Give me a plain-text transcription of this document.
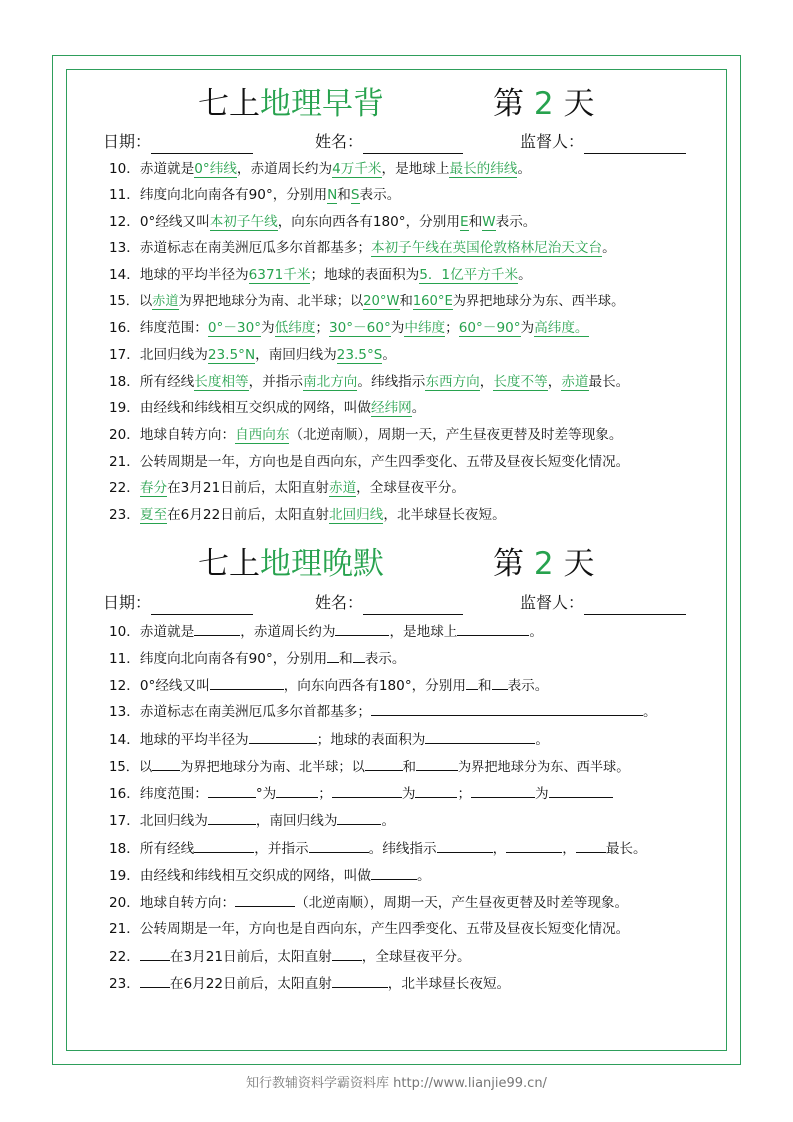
七上地理早背	第 2 天
日期：	姓名：	监督人：
10．赤道就是0°纬线，赤道周长约为4万千米，是地球上最长的纬线。
11．纬度向北向南各有90°，分别用N和S表示。
12．0°经线又叫本初子午线，向东向西各有180°，分别用E和W表示。
13．赤道标志在南美洲厄瓜多尔首都基多；本初子午线在英国伦敦格林尼治天文台。
14．地球的平均半径为6371千米；地球的表面积为5．1亿平方千米。
15．以赤道为界把地球分为南、北半球；以20°W和160°E为界把地球分为东、西半球。
16．纬度范围：0°－30°为低纬度；30°－60°为中纬度；60°－90°为高纬度。
17．北回归线为23.5°N，南回归线为23.5°S。
18．所有经线长度相等，并指示南北方向。纬线指示东西方向，长度不等，赤道最长。
19．由经线和纬线相互交织成的网络，叫做经纬网。
20．地球自转方向：自西向东（北逆南顺），周期一天，产生昼夜更替及时差等现象。
21．公转周期是一年，方向也是自西向东，产生四季变化、五带及昼夜长短变化情况。
22．春分在3月21日前后，太阳直射赤道，全球昼夜平分。
23．夏至在6月22日前后，太阳直射北回归线，北半球昼长夜短。
七上地理晚默	第 2 天
日期：	姓名：	监督人：
10．赤道就是	，赤道周长约为	，是地球上	。
11．纬度向北向南各有90°，分别用 和 表示。
12．0°经线又叫	，向东向西各有180°，分别用 和 表示。
13．赤道标志在南美洲厄瓜多尔首都基多；	。
14．地球的平均半径为	；地球的表面积为	。
15．以 为界把地球分为南、北半球；以	和	为界把地球分为东、西半球。
16．纬度范围：	°为	；	为	；	为
17．北回归线为	，南回归线为	。
18．所有经线	，并指示	。纬线指示	，	， 最长。
19．由经线和纬线相互交织成的网络，叫做	。
20．地球自转方向：	（北逆南顺），周期一天，产生昼夜更替及时差等现象。
21．公转周期是一年，方向也是自西向东，产生四季变化、五带及昼夜长短变化情况。
22． 在3月21日前后，太阳直射 ，全球昼夜平分。
23． 在6月22日前后，太阳直射	，北半球昼长夜短。
知行教辅资料学霸资料库 http://www.lianjie99.cn/
